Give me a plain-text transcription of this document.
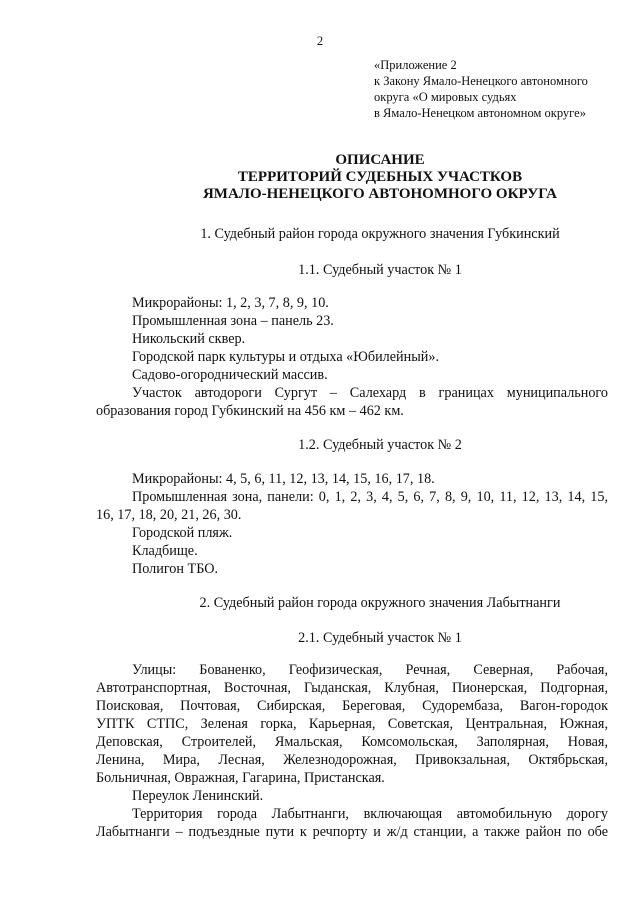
2
«Приложение 2
к Закону Ямало-Ненецкого автономного
округа «О мировых судьях
в Ямало-Ненецком автономном округе»
ОПИСАНИЕ
ТЕРРИТОРИЙ СУДЕБНЫХ УЧАСТКОВ
ЯМАЛО-НЕНЕЦКОГО АВТОНОМНОГО ОКРУГА
1. Судебный район города окружного значения Губкинский
1.1. Судебный участок № 1
Микрорайоны: 1, 2, 3, 7, 8, 9, 10.
Промышленная зона – панель 23.
Никольский сквер.
Городской парк культуры и отдыха «Юбилейный».
Садово-огороднический массив.
Участок автодороги Сургут – Салехард в границах муниципального
образования город Губкинский на 456 км – 462 км.
1.2. Судебный участок № 2
Микрорайоны: 4, 5, 6, 11, 12, 13, 14, 15, 16, 17, 18.
Промышленная зона, панели: 0, 1, 2, 3, 4, 5, 6, 7, 8, 9, 10, 11, 12, 13, 14, 15,
16, 17, 18, 20, 21, 26, 30.
Городской пляж.
Кладбище.
Полигон ТБО.
2. Судебный район города окружного значения Лабытнанги
2.1. Судебный участок № 1
Улицы: Бованенко, Геофизическая, Речная, Северная, Рабочая,
Автотранспортная, Восточная, Гыданская, Клубная, Пионерская, Подгорная,
Поисковая, Почтовая, Сибирская, Береговая, Судорембаза, Вагон-городок
УПТК СТПС, Зеленая горка, Карьерная, Советская, Центральная, Южная,
Деповская, Строителей, Ямальская, Комсомольская, Заполярная, Новая,
Ленина, Мира, Лесная, Железнодорожная, Привокзальная, Октябрьская,
Больничная, Овражная, Гагарина, Пристанская.
Переулок Ленинский.
Территория города Лабытнанги, включающая автомобильную дорогу
Лабытнанги – подъездные пути к речпорту и ж/д станции, а также район по обе
